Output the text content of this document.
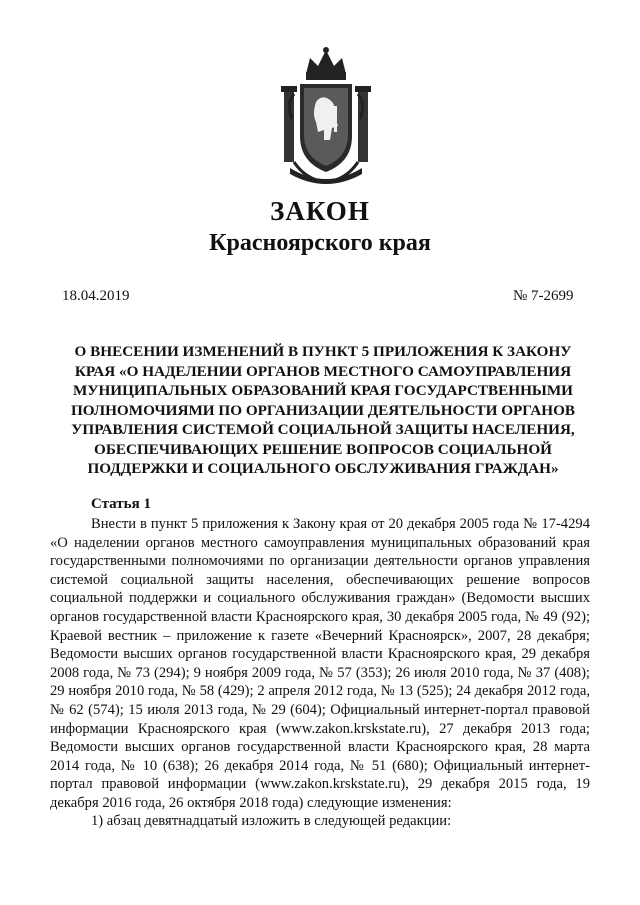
ЗАКОН
Красноярского края
18.04.2019	№ 7-2699

О ВНЕСЕНИИ ИЗМЕНЕНИЙ В ПУНКТ 5 ПРИЛОЖЕНИЯ К ЗАКОНУ КРАЯ «О НАДЕЛЕНИИ ОРГАНОВ МЕСТНОГО САМОУПРАВЛЕНИЯ МУНИЦИПАЛЬНЫХ ОБРАЗОВАНИЙ КРАЯ ГОСУДАРСТВЕННЫМИ ПОЛНОМОЧИЯМИ ПО ОРГАНИЗАЦИИ ДЕЯТЕЛЬНОСТИ ОРГАНОВ УПРАВЛЕНИЯ СИСТЕМОЙ СОЦИАЛЬНОЙ ЗАЩИТЫ НАСЕЛЕНИЯ, ОБЕСПЕЧИВАЮЩИХ РЕШЕНИЕ ВОПРОСОВ СОЦИАЛЬНОЙ ПОДДЕРЖКИ И СОЦИАЛЬНОГО ОБСЛУЖИВАНИЯ ГРАЖДАН»

Статья 1

Внести в пункт 5 приложения к Закону края от 20 декабря 2005 года № 17-4294 «О наделении органов местного самоуправления муниципальных образований края государственными полномочиями по организации деятельности органов управления системой социальной защиты населения, обеспечивающих решение вопросов социальной поддержки и социального обслуживания граждан» (Ведомости высших органов государственной власти Красноярского края, 30 декабря 2005 года, № 49 (92); Краевой вестник – приложение к газете «Вечерний Красноярск», 2007, 28 декабря; Ведомости высших органов государственной власти Красноярского края, 29 декабря 2008 года, № 73 (294); 9 ноября 2009 года, № 57 (353); 26 июля 2010 года, № 37 (408); 29 ноября 2010 года, № 58 (429); 2 апреля 2012 года, № 13 (525); 24 декабря 2012 года, № 62 (574); 15 июля 2013 года, № 29 (604); Официальный интернет-портал правовой информации Красноярского края (www.zakon.krskstate.ru), 27 декабря 2013 года; Ведомости высших органов государственной власти Красноярского края, 28 марта 2014 года, № 10 (638); 26 декабря 2014 года, № 51 (680); Официальный интернет-портал правовой информации (www.zakon.krskstate.ru), 29 декабря 2015 года, 19 декабря 2016 года, 26 октября 2018 года) следующие изменения:

1) абзац девятнадцатый изложить в следующей редакции:
